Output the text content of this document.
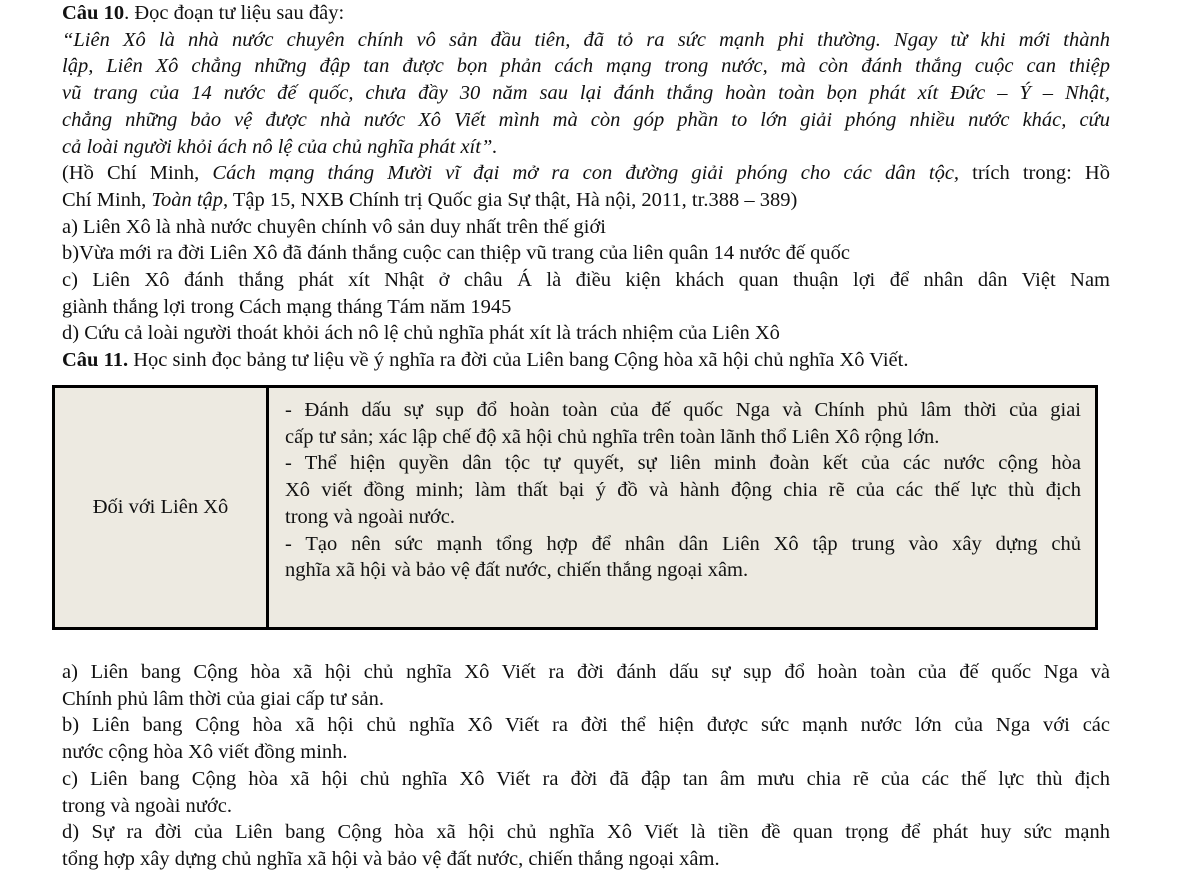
Câu 10. Đọc đoạn tư liệu sau đây:
“Liên Xô là nhà nước chuyên chính vô sản đầu tiên, đã tỏ ra sức mạnh phi thường. Ngay từ khi mới thành
lập, Liên Xô chẳng những đập tan được bọn phản cách mạng trong nước, mà còn đánh thắng cuộc can thiệp
vũ trang của 14 nước đế quốc, chưa đầy 30 năm sau lại đánh thắng hoàn toàn bọn phát xít Đức – Ý – Nhật,
chẳng những bảo vệ được nhà nước Xô Viết mình mà còn góp phần to lớn giải phóng nhiều nước khác, cứu
cả loài người khỏi ách nô lệ của chủ nghĩa phát xít”.
(Hồ Chí Minh, Cách mạng tháng Mười vĩ đại mở ra con đường giải phóng cho các dân tộc, trích trong: Hồ
Chí Minh, Toàn tập, Tập 15, NXB Chính trị Quốc gia Sự thật, Hà nội, 2011, tr.388 – 389)
a) Liên Xô là nhà nước chuyên chính vô sản duy nhất trên thế giới
b)Vừa mới ra đời Liên Xô đã đánh thắng cuộc can thiệp vũ trang của liên quân 14 nước đế quốc
c) Liên Xô đánh thắng phát xít Nhật ở châu Á là điều kiện khách quan thuận lợi để nhân dân Việt Nam
giành thắng lợi trong Cách mạng tháng Tám năm 1945
d) Cứu cả loài người thoát khỏi ách nô lệ chủ nghĩa phát xít là trách nhiệm của Liên Xô
Câu 11. Học sinh đọc bảng tư liệu về ý nghĩa ra đời của Liên bang Cộng hòa xã hội chủ nghĩa Xô Viết.
Đối với Liên Xô	
- Đánh dấu sự sụp đổ hoàn toàn của đế quốc Nga và Chính phủ lâm thời của giai
cấp tư sản; xác lập chế độ xã hội chủ nghĩa trên toàn lãnh thổ Liên Xô rộng lớn.
- Thể hiện quyền dân tộc tự quyết, sự liên minh đoàn kết của các nước cộng hòa
Xô viết đồng minh; làm thất bại ý đồ và hành động chia rẽ của các thế lực thù địch
trong và ngoài nước.
- Tạo nên sức mạnh tổng hợp để nhân dân Liên Xô tập trung vào xây dựng chủ
nghĩa xã hội và bảo vệ đất nước, chiến thắng ngoại xâm.
a) Liên bang Cộng hòa xã hội chủ nghĩa Xô Viết ra đời đánh dấu sự sụp đổ hoàn toàn của đế quốc Nga và
Chính phủ lâm thời của giai cấp tư sản.
b) Liên bang Cộng hòa xã hội chủ nghĩa Xô Viết ra đời thể hiện được sức mạnh nước lớn của Nga với các
nước cộng hòa Xô viết đồng minh.
c) Liên bang Cộng hòa xã hội chủ nghĩa Xô Viết ra đời đã đập tan âm mưu chia rẽ của các thế lực thù địch
trong và ngoài nước.
d) Sự ra đời của Liên bang Cộng hòa xã hội chủ nghĩa Xô Viết là tiền đề quan trọng để phát huy sức mạnh
tổng hợp xây dựng chủ nghĩa xã hội và bảo vệ đất nước, chiến thắng ngoại xâm.
